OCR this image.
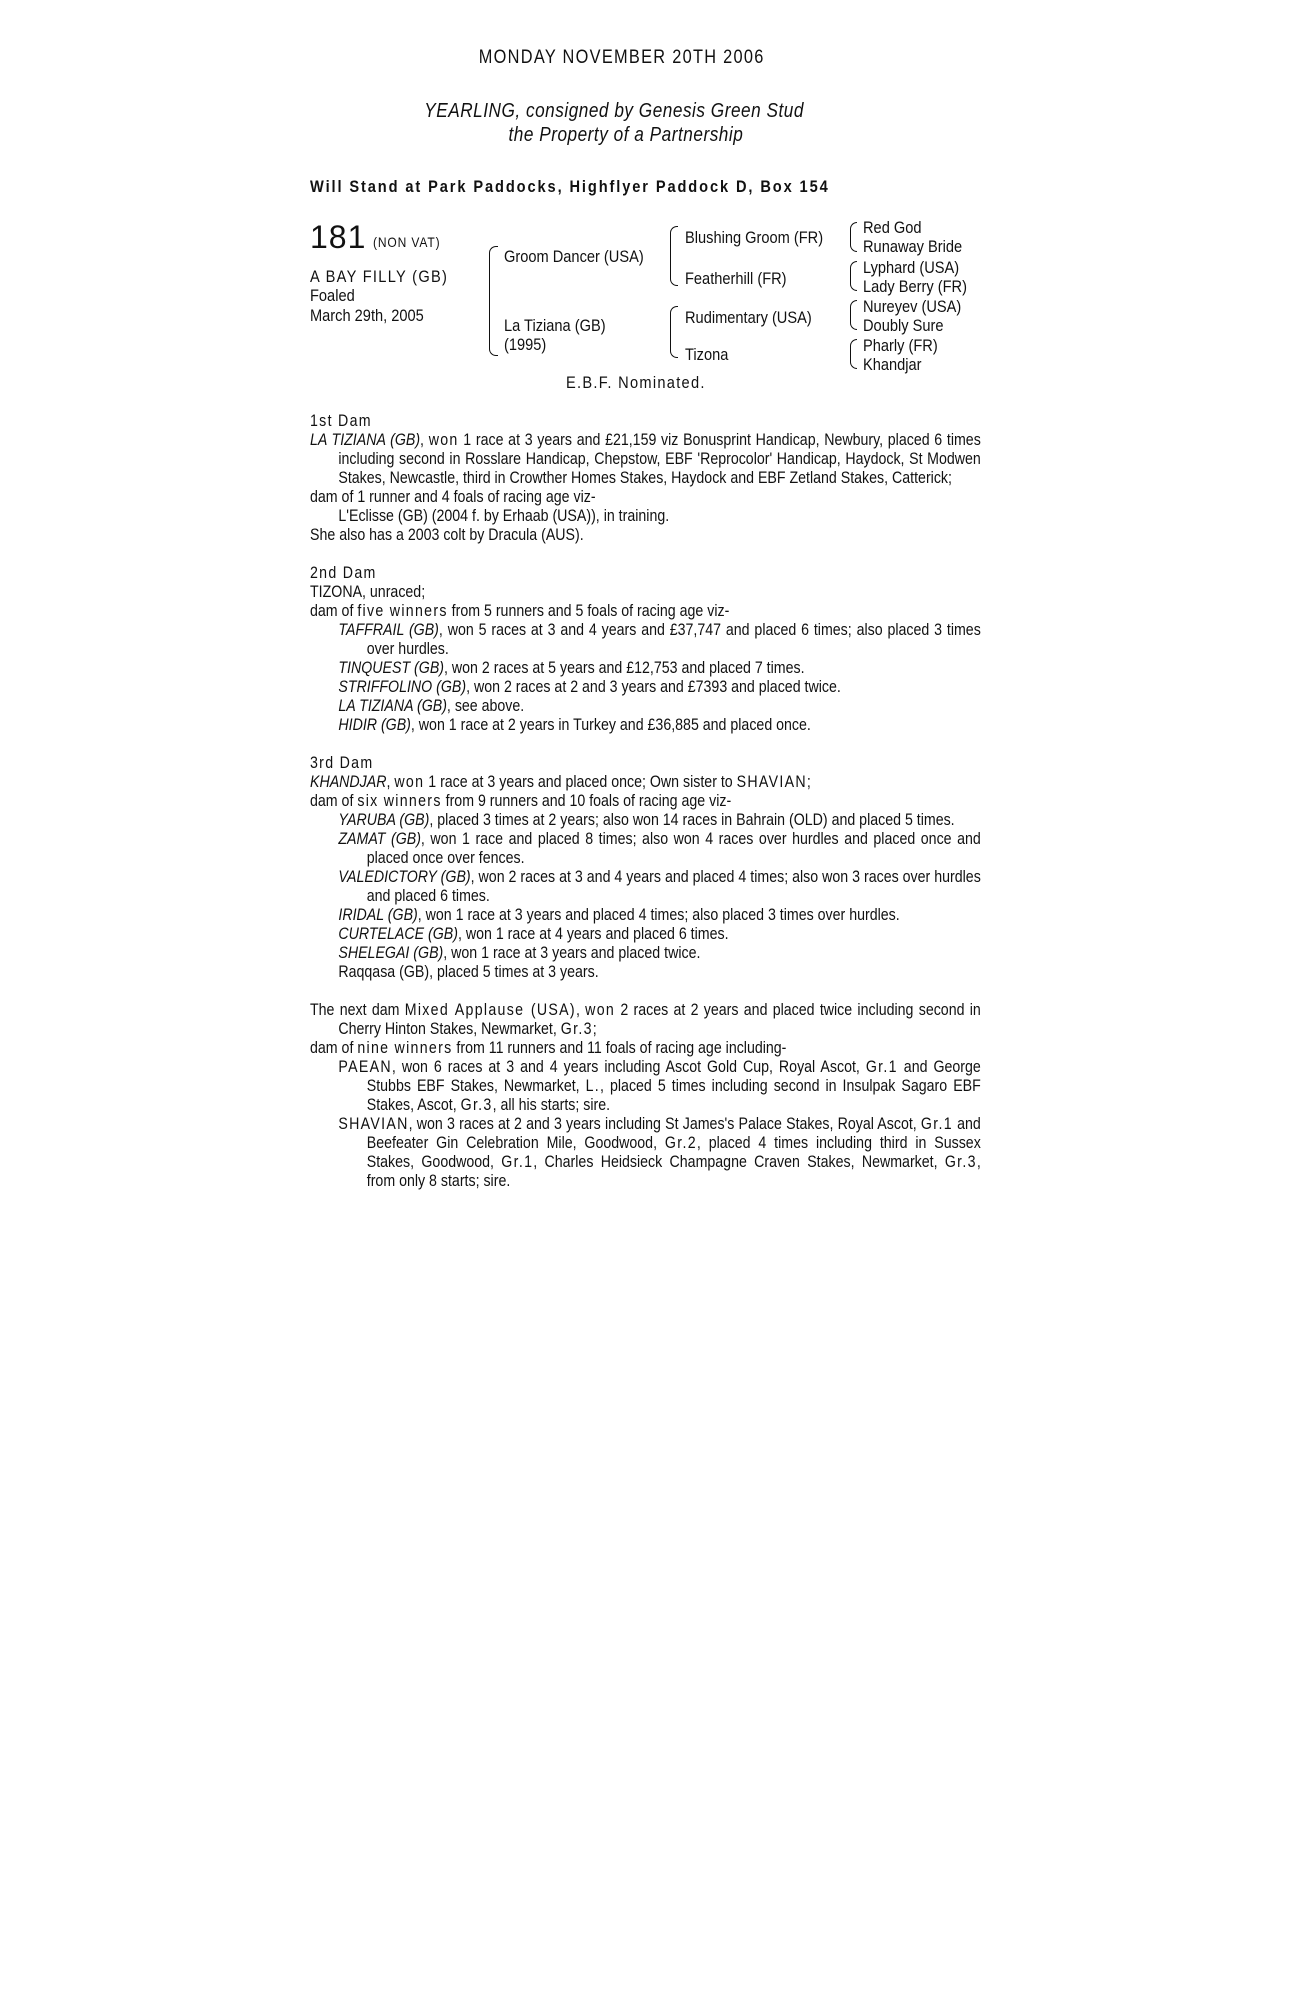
MONDAY NOVEMBER 20TH 2006
YEARLING, consigned by Genesis Green Stud
the Property of a Partnership
Will Stand at Park Paddocks, Highflyer Paddock D, Box 154
181 (NON VAT)
A BAY FILLY (GB)
Foaled
March 29th, 2005
Groom Dancer (USA)
La Tiziana (GB)
(1995)
Blushing Groom (FR)
Featherhill (FR)
Rudimentary (USA)
Tizona
Red God
Runaway Bride
Lyphard (USA)
Lady Berry (FR)
Nureyev (USA)
Doubly Sure
Pharly (FR)
Khandjar
E.B.F. Nominated.

1st Dam

LA TIZIANA (GB), won 1 race at 3 years and £21,159 viz Bonusprint Handicap, Newbury, placed 6 times including second in Rosslare Handicap, Chepstow, EBF 'Reprocolor' Handicap, Haydock, St Modwen Stakes, Newcastle, third in Crowther Homes Stakes, Haydock and EBF Zetland Stakes, Catterick;

dam of 1 runner and 4 foals of racing age viz-

L'Eclisse (GB) (2004 f. by Erhaab (USA)), in training.

She also has a 2003 colt by Dracula (AUS).

2nd Dam

TIZONA, unraced;

dam of five winners from 5 runners and 5 foals of racing age viz-

TAFFRAIL (GB), won 5 races at 3 and 4 years and £37,747 and placed 6 times; also placed 3 times over hurdles.

TINQUEST (GB), won 2 races at 5 years and £12,753 and placed 7 times.

STRIFFOLINO (GB), won 2 races at 2 and 3 years and £7393 and placed twice.

LA TIZIANA (GB), see above.

HIDIR (GB), won 1 race at 2 years in Turkey and £36,885 and placed once.

3rd Dam

KHANDJAR, won 1 race at 3 years and placed once; Own sister to SHAVIAN;

dam of six winners from 9 runners and 10 foals of racing age viz-

YARUBA (GB), placed 3 times at 2 years; also won 14 races in Bahrain (OLD) and placed 5 times.

ZAMAT (GB), won 1 race and placed 8 times; also won 4 races over hurdles and placed once and placed once over fences.

VALEDICTORY (GB), won 2 races at 3 and 4 years and placed 4 times; also won 3 races over hurdles and placed 6 times.

IRIDAL (GB), won 1 race at 3 years and placed 4 times; also placed 3 times over hurdles.

CURTELACE (GB), won 1 race at 4 years and placed 6 times.

SHELEGAI (GB), won 1 race at 3 years and placed twice.

Raqqasa (GB), placed 5 times at 3 years.

The next dam Mixed Applause (USA), won 2 races at 2 years and placed twice including second in Cherry Hinton Stakes, Newmarket, Gr.3;

dam of nine winners from 11 runners and 11 foals of racing age including-

PAEAN, won 6 races at 3 and 4 years including Ascot Gold Cup, Royal Ascot, Gr.1 and George Stubbs EBF Stakes, Newmarket, L., placed 5 times including second in Insulpak Sagaro EBF Stakes, Ascot, Gr.3, all his starts; sire.

SHAVIAN, won 3 races at 2 and 3 years including St James's Palace Stakes, Royal Ascot, Gr.1 and Beefeater Gin Celebration Mile, Goodwood, Gr.2, placed 4 times including third in Sussex Stakes, Goodwood, Gr.1, Charles Heidsieck Champagne Craven Stakes, Newmarket, Gr.3, from only 8 starts; sire.
